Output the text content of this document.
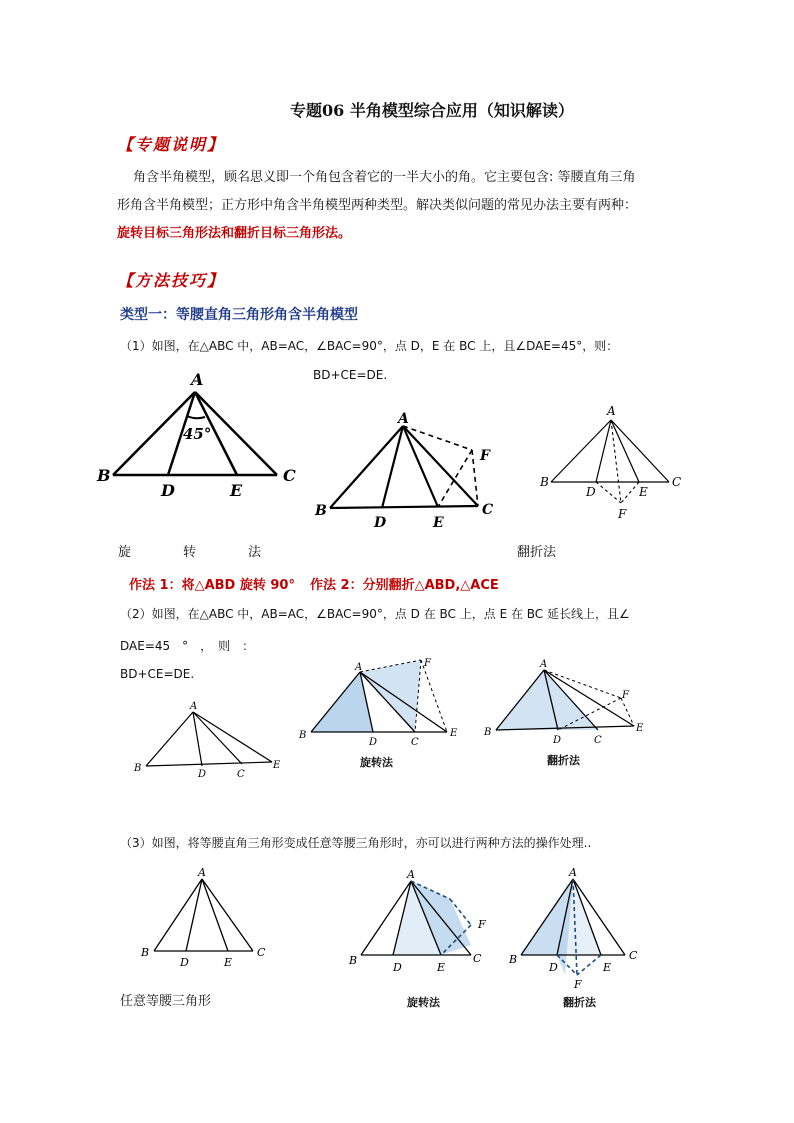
专题06 半角模型综合应用（知识解读）
【专题说明】
角含半角模型，顾名思义即一个角包含着它的一半大小的角。它主要包含: 等腰直角三角
形角含半角模型；正方形中角含半角模型两种类型。解决类似问题的常见办法主要有两种：
旋转目标三角形法和翻折目标三角形法。
【方法技巧】
类型一：等腰直角三角形角含半角模型
（1）如图，在△ABC 中，AB=AC，∠BAC=90°，点 D，E 在 BC 上，且∠DAE=45°，则：
BD+CE=DE.
A
B	C
D	E
45°
A
B	C
D	E
F
A
B	C
D	E
F
旋　　　　转　　　　法	翻折法
作法 1：将△ABD 旋转 90° 作法 2：分别翻折△ABD,△ACE
（2）如图，在△ABC 中，AB=AC，∠BAC=90°，点 D 在 BC 上，点 E 在 BC 延长线上，且∠
DAE=45　°　，　则　：
BD+CE=DE.
A
B
C
D
E
A
B
C
D
E
F
旋转法
A
B
C
D
E
F
翻折法
（3）如图，将等腰直角三角形变成任意等腰三角形时，亦可以进行两种方法的操作处理..
A
B	C
D	E
任意等腰三角形
A
B	C
D	E
F
旋转法
A
B	C
D	E
F
翻折法
